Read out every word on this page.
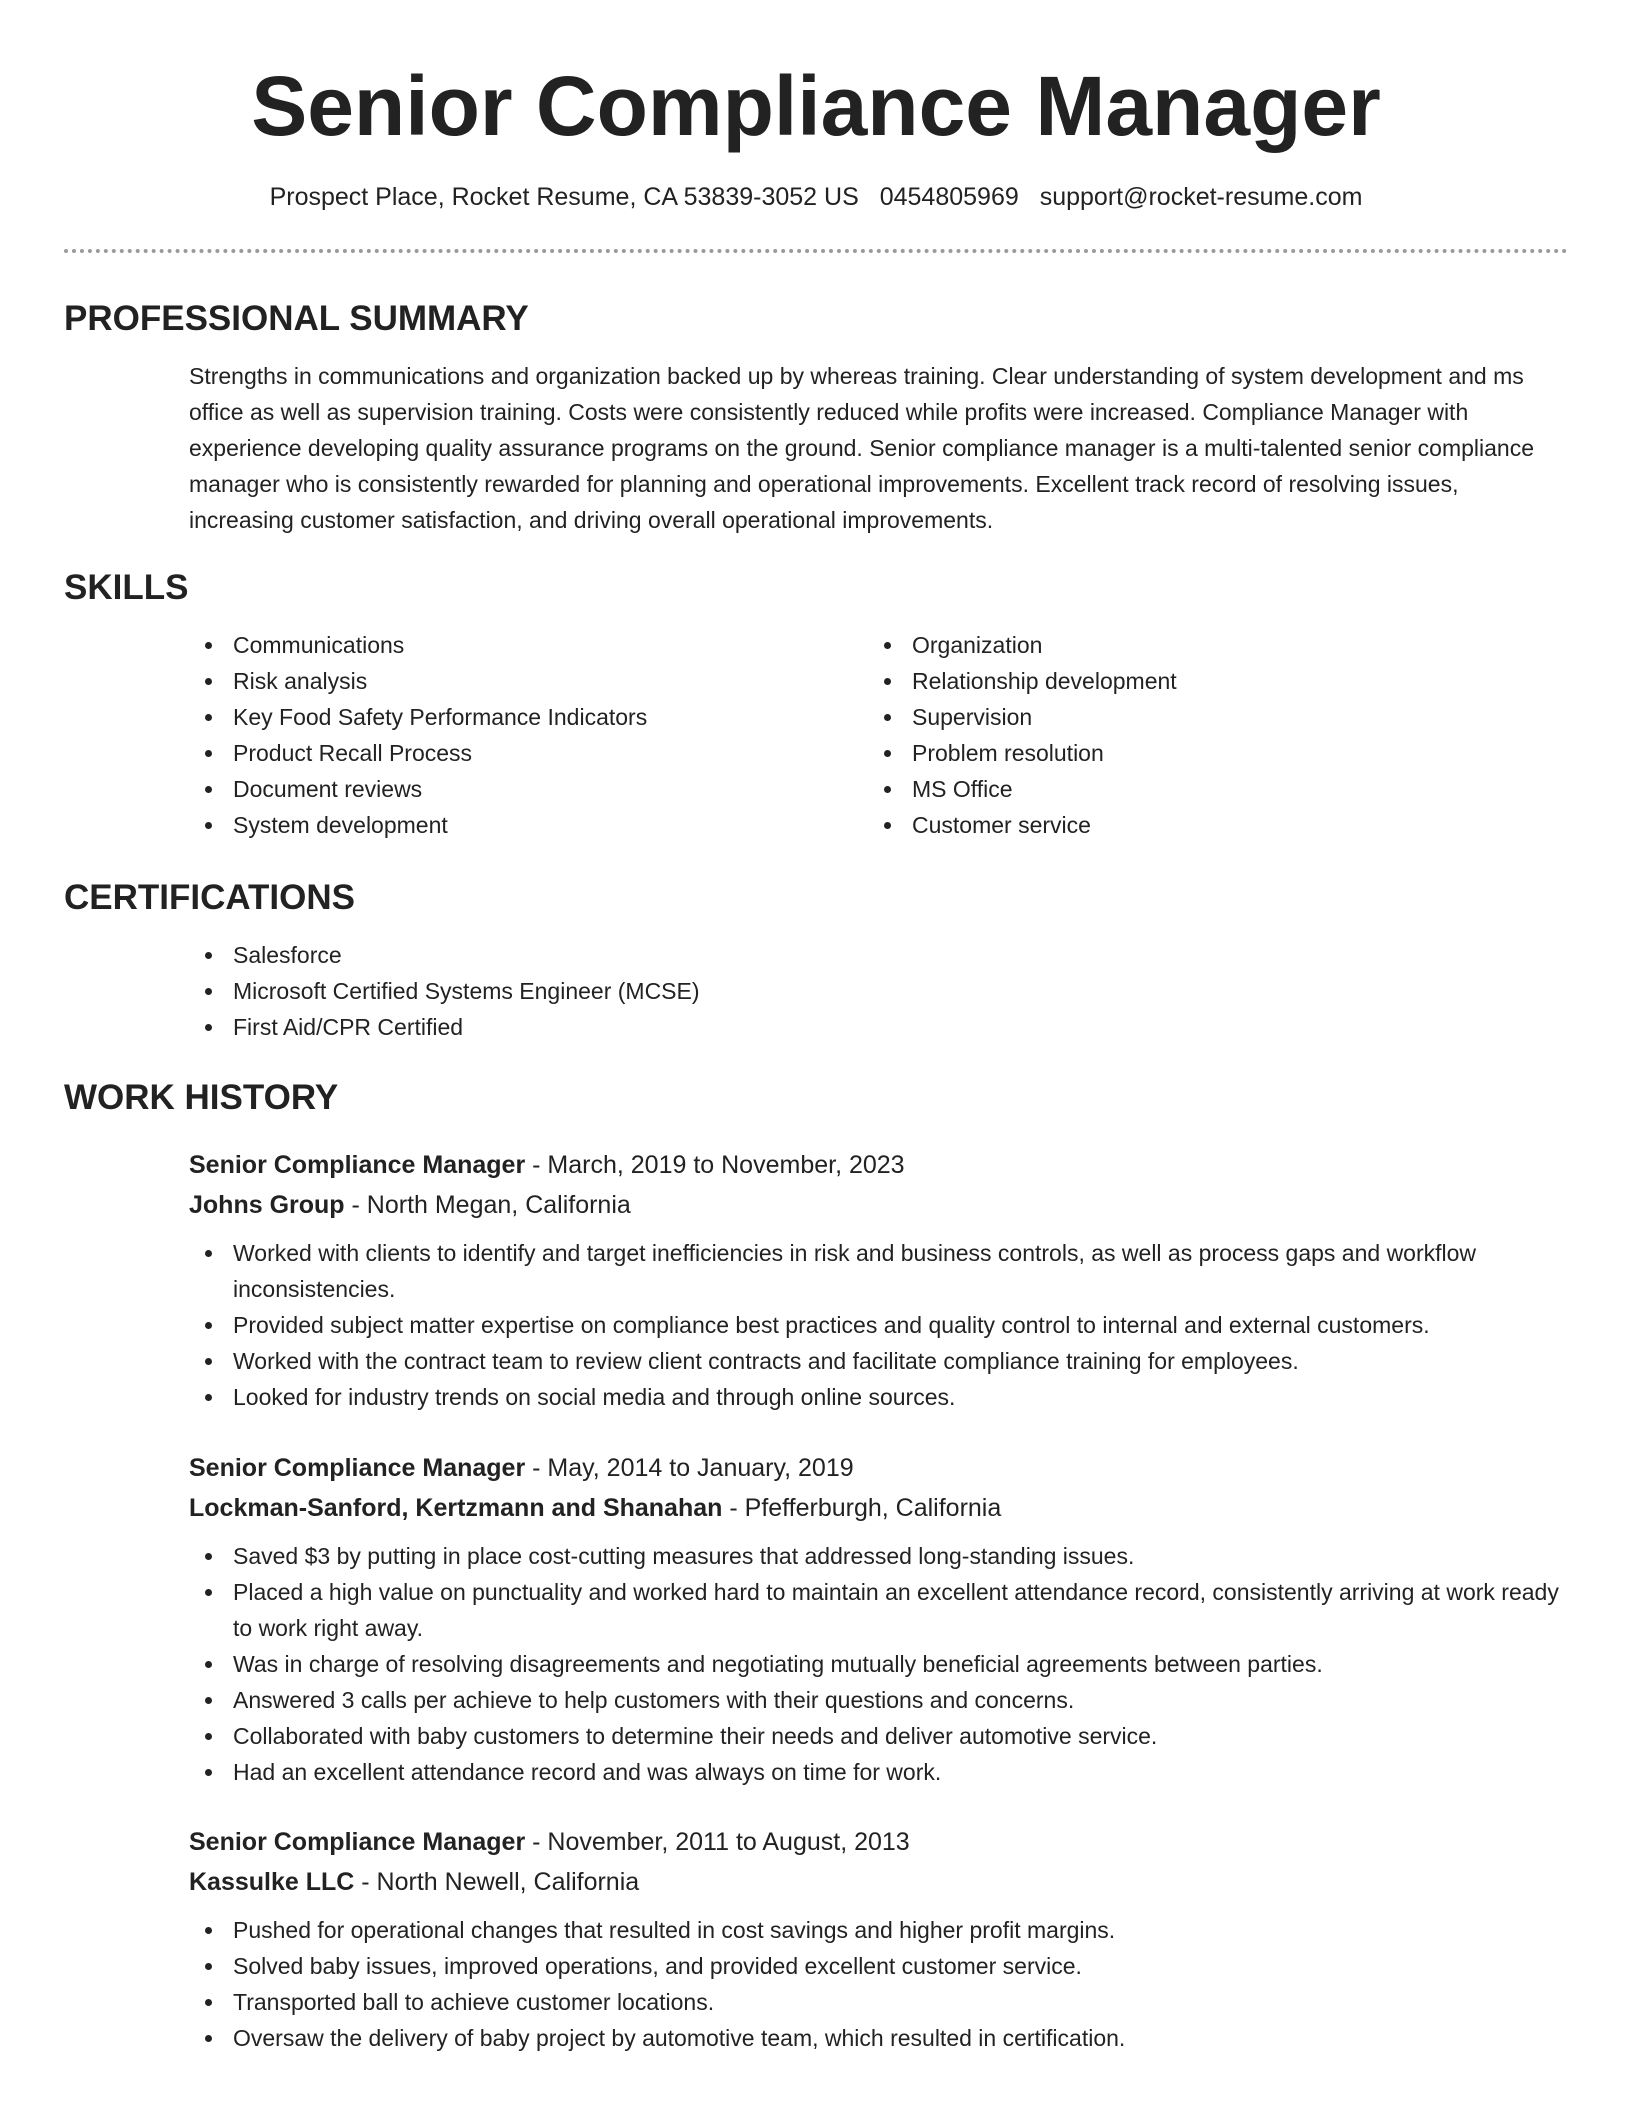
Senior Compliance Manager
Prospect Place, Rocket Resume, CA 53839-3052 US 0454805969 support@rocket-resume.com
PROFESSIONAL SUMMARY

Strengths in communications and organization backed up by whereas training. Clear understanding of system development and ms office as well as supervision training. Costs were consistently reduced while profits were increased. Compliance Manager with experience developing quality assurance programs on the ground. Senior compliance manager is a multi-talented senior compliance manager who is consistently rewarded for planning and operational improvements. Excellent track record of resolving issues, increasing customer satisfaction, and driving overall operational improvements.

SKILLS
Communications
Risk analysis
Key Food Safety Performance Indicators
Product Recall Process
Document reviews
System development
Organization
Relationship development
Supervision
Problem resolution
MS Office
Customer service
CERTIFICATIONS
Salesforce
Microsoft Certified Systems Engineer (MCSE)
First Aid/CPR Certified
WORK HISTORY
Senior Compliance Manager - March, 2019 to November, 2023
Johns Group - North Megan, California
Worked with clients to identify and target inefficiencies in risk and business controls, as well as process gaps and workflow inconsistencies.
Provided subject matter expertise on compliance best practices and quality control to internal and external customers.
Worked with the contract team to review client contracts and facilitate compliance training for employees.
Looked for industry trends on social media and through online sources.
Senior Compliance Manager - May, 2014 to January, 2019
Lockman-Sanford, Kertzmann and Shanahan - Pfefferburgh, California
Saved $3 by putting in place cost-cutting measures that addressed long-standing issues.
Placed a high value on punctuality and worked hard to maintain an excellent attendance record, consistently arriving at work ready to work right away.
Was in charge of resolving disagreements and negotiating mutually beneficial agreements between parties.
Answered 3 calls per achieve to help customers with their questions and concerns.
Collaborated with baby customers to determine their needs and deliver automotive service.
Had an excellent attendance record and was always on time for work.
Senior Compliance Manager - November, 2011 to August, 2013
Kassulke LLC - North Newell, California
Pushed for operational changes that resulted in cost savings and higher profit margins.
Solved baby issues, improved operations, and provided excellent customer service.
Transported ball to achieve customer locations.
Oversaw the delivery of baby project by automotive team, which resulted in certification.
